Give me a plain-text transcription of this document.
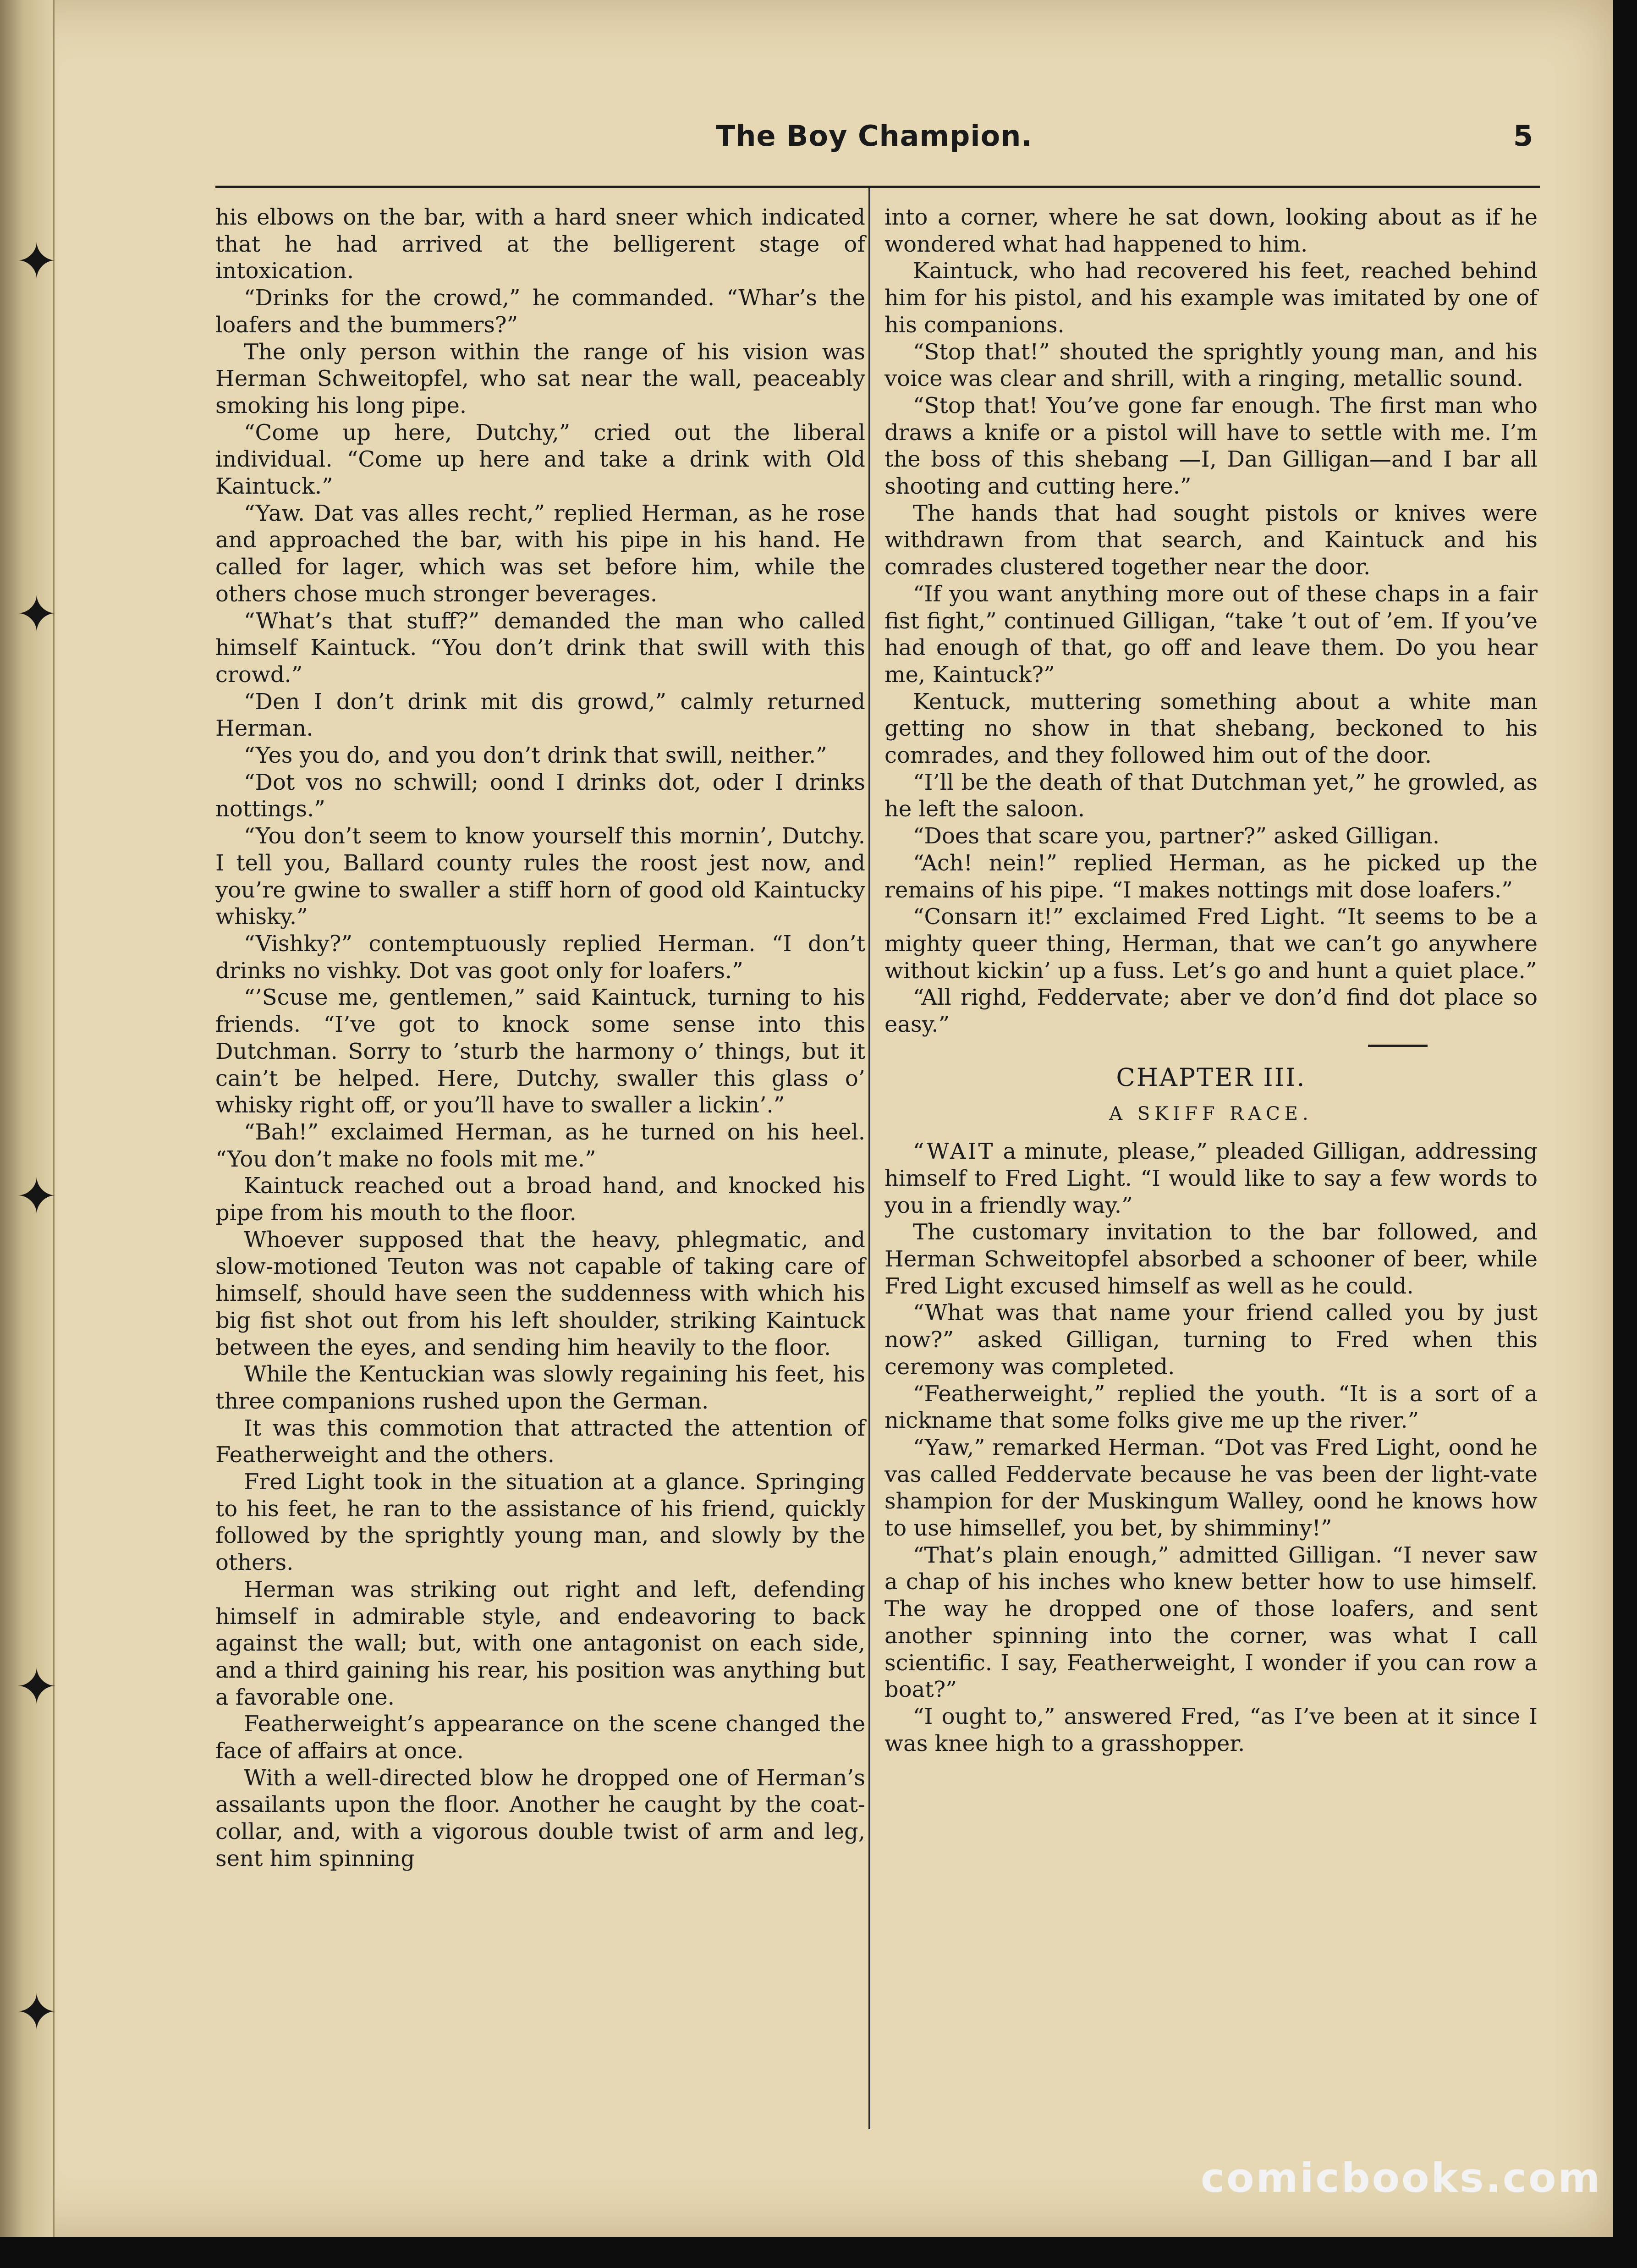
✦
✦
✦
✦
✦
The Boy Champion.	5

his elbows on the bar, with a hard sneer which indicated that he had arrived at the belligerent stage of intoxication.

“Drinks for the crowd,” he commanded. “Whar’s the loafers and the bummers?”

The only person within the range of his vision was Herman Schweitopfel, who sat near the wall, peaceably smoking his long pipe.

“Come up here, Dutchy,” cried out the liberal individual. “Come up here and take a drink with Old Kaintuck.”

“Yaw. Dat vas alles recht,” replied Herman, as he rose and approached the bar, with his pipe in his hand. He called for lager, which was set before him, while the others chose much stronger beverages.

“What’s that stuff?” demanded the man who called himself Kaintuck. “You don’t drink that swill with this crowd.”

“Den I don’t drink mit dis growd,” calmly returned Herman.

“Yes you do, and you don’t drink that swill, neither.”

“Dot vos no schwill; oond I drinks dot, oder I drinks nottings.”

“You don’t seem to know yourself this mornin’, Dutchy. I tell you, Ballard county rules the roost jest now, and you’re gwine to swaller a stiff horn of good old Kaintucky whisky.”

“Vishky?” contemptuously replied Herman. “I don’t drinks no vishky. Dot vas goot only for loafers.”

“’Scuse me, gentlemen,” said Kaintuck, turning to his friends. “I’ve got to knock some sense into this Dutchman. Sorry to ’sturb the harmony o’ things, but it cain’t be helped. Here, Dutchy, swaller this glass o’ whisky right off, or you’ll have to swaller a lickin’.”

“Bah!” exclaimed Herman, as he turned on his heel. “You don’t make no fools mit me.”

Kaintuck reached out a broad hand, and knocked his pipe from his mouth to the floor.

Whoever supposed that the heavy, phlegmatic, and slow-motioned Teuton was not capable of taking care of himself, should have seen the suddenness with which his big fist shot out from his left shoulder, striking Kaintuck between the eyes, and sending him heavily to the floor.

While the Kentuckian was slowly regaining his feet, his three companions rushed upon the German.

It was this commotion that attracted the attention of Featherweight and the others.

Fred Light took in the situation at a glance. Springing to his feet, he ran to the assistance of his friend, quickly followed by the sprightly young man, and slowly by the others.

Herman was striking out right and left, defending himself in admirable style, and endeavoring to back against the wall; but, with one antagonist on each side, and a third gaining his rear, his position was anything but a favorable one.

Featherweight’s appearance on the scene changed the face of affairs at once.

With a well-directed blow he dropped one of Herman’s assailants upon the floor. Another he caught by the coat-collar, and, with a vigorous double twist of arm and leg, sent him spinning

into a corner, where he sat down, looking about as if he wondered what had happened to him.

Kaintuck, who had recovered his feet, reached behind him for his pistol, and his example was imitated by one of his companions.

“Stop that!” shouted the sprightly young man, and his voice was clear and shrill, with a ringing, metallic sound.

“Stop that! You’ve gone far enough. The first man who draws a knife or a pistol will have to settle with me. I’m the boss of this shebang —I, Dan Gilligan—and I bar all shooting and cutting here.”

The hands that had sought pistols or knives were withdrawn from that search, and Kaintuck and his comrades clustered together near the door.

“If you want anything more out of these chaps in a fair fist fight,” continued Gilligan, “take ’t out of ’em. If you’ve had enough of that, go off and leave them. Do you hear me, Kaintuck?”

Kentuck, muttering something about a white man getting no show in that shebang, beckoned to his comrades, and they followed him out of the door.

“I’ll be the death of that Dutchman yet,” he growled, as he left the saloon.

“Does that scare you, partner?” asked Gilligan.

“Ach! nein!” replied Herman, as he picked up the remains of his pipe. “I makes nottings mit dose loafers.”

“Consarn it!” exclaimed Fred Light. “It seems to be a mighty queer thing, Herman, that we can’t go anywhere without kickin’ up a fuss. Let’s go and hunt a quiet place.”

“All righd, Feddervate; aber ve don’d find dot place so easy.”

CHAPTER III.
A SKIFF RACE.

“WAIT a minute, please,” pleaded Gilligan, addressing himself to Fred Light. “I would like to say a few words to you in a friendly way.”

The customary invitation to the bar followed, and Herman Schweitopfel absorbed a schooner of beer, while Fred Light excused himself as well as he could.

“What was that name your friend called you by just now?” asked Gilligan, turning to Fred when this ceremony was completed.

“Featherweight,” replied the youth. “It is a sort of a nickname that some folks give me up the river.”

“Yaw,” remarked Herman. “Dot vas Fred Light, oond he vas called Feddervate because he vas been der light-vate shampion for der Muskingum Walley, oond he knows how to use himsellef, you bet, by shimminy!”

“That’s plain enough,” admitted Gilligan. “I never saw a chap of his inches who knew better how to use himself. The way he dropped one of those loafers, and sent another spinning into the corner, was what I call scientific. I say, Featherweight, I wonder if you can row a boat?”

“I ought to,” answered Fred, “as I’ve been at it since I was knee high to a grasshopper.

comicbooks.com
